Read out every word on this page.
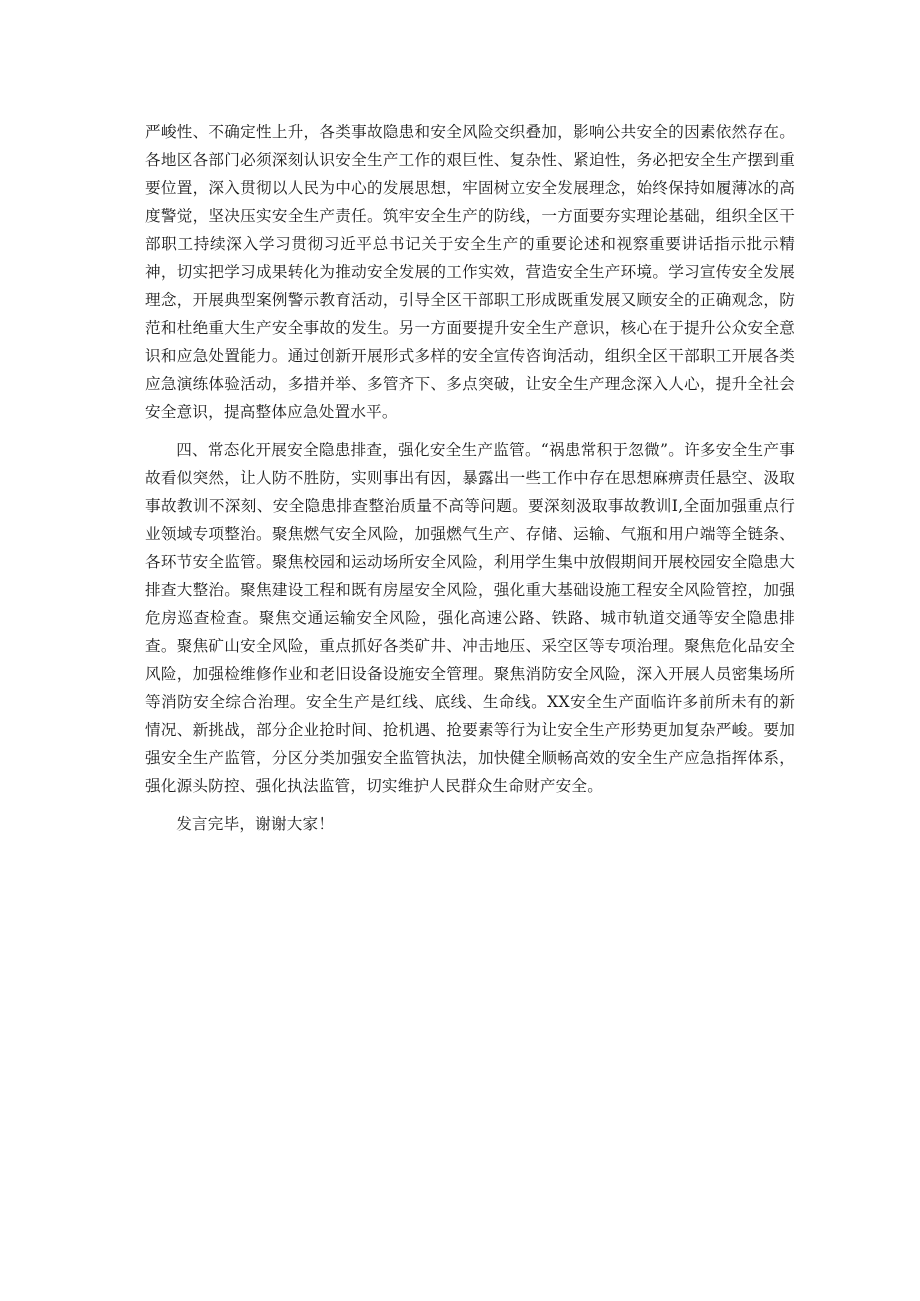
严峻性、不确定性上升，各类事故隐患和安全风险交织叠加，影响公共安全的因素依然存在。各地区各部门必须深刻认识安全生产工作的艰巨性、复杂性、紧迫性，务必把安全生产摆到重要位置，深入贯彻以人民为中心的发展思想，牢固树立安全发展理念，始终保持如履薄冰的高度警觉，坚决压实安全生产责任。筑牢安全生产的防线，一方面要夯实理论基础，组织全区干部职工持续深入学习贯彻习近平总书记关于安全生产的重要论述和视察重要讲话指示批示精神，切实把学习成果转化为推动安全发展的工作实效，营造安全生产环境。学习宣传安全发展理念，开展典型案例警示教育活动，引导全区干部职工形成既重发展又顾安全的正确观念，防范和杜绝重大生产安全事故的发生。另一方面要提升安全生产意识，核心在于提升公众安全意识和应急处置能力。通过创新开展形式多样的安全宣传咨询活动，组织全区干部职工开展各类应急演练体验活动，多措并举、多管齐下、多点突破，让安全生产理念深入人心，提升全社会安全意识，提高整体应急处置水平。

四、常态化开展安全隐患排查，强化安全生产监管。“祸患常积于忽微”。许多安全生产事故看似突然，让人防不胜防，实则事出有因，暴露出一些工作中存在思想麻痹责任悬空、汲取事故教训不深刻、安全隐患排查整治质量不高等问题。要深刻汲取事故教训I,全面加强重点行业领域专项整治。聚焦燃气安全风险，加强燃气生产、存储、运输、气瓶和用户端等全链条、各环节安全监管。聚焦校园和运动场所安全风险，利用学生集中放假期间开展校园安全隐患大排查大整治。聚焦建设工程和既有房屋安全风险，强化重大基础设施工程安全风险管控，加强危房巡查检查。聚焦交通运输安全风险，强化高速公路、铁路、城市轨道交通等安全隐患排查。聚焦矿山安全风险，重点抓好各类矿井、冲击地压、采空区等专项治理。聚焦危化品安全风险，加强检维修作业和老旧设备设施安全管理。聚焦消防安全风险，深入开展人员密集场所等消防安全综合治理。安全生产是红线、底线、生命线。XX安全生产面临许多前所未有的新情况、新挑战，部分企业抢时间、抢机遇、抢要素等行为让安全生产形势更加复杂严峻。要加强安全生产监管，分区分类加强安全监管执法，加快健全顺畅高效的安全生产应急指挥体系，强化源头防控、强化执法监管，切实维护人民群众生命财产安全。

发言完毕，谢谢大家！
